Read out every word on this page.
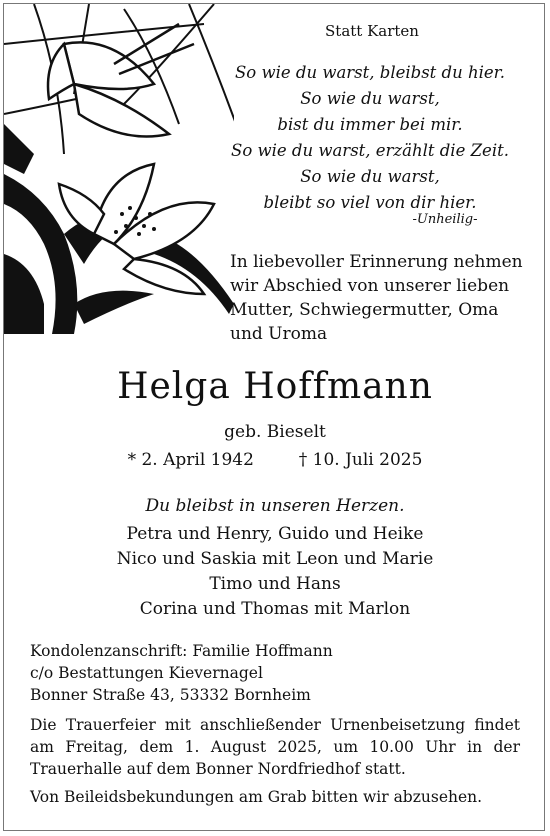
Statt Karten
So wie du warst, bleibst du hier.
So wie du warst,
bist du immer bei mir.
So wie du warst, erzählt die Zeit.
So wie du warst,
bleibt so viel von dir hier.
-Unheilig-
In liebevoller Erinnerung nehmen
wir Abschied von unserer lieben
Mutter, Schwiegermutter, Oma
und Uroma
Helga Hoffmann
geb. Bieselt
* 2. April 1942	† 10. Juli 2025
Du bleibst in unseren Herzen.
Petra und Henry, Guido und Heike
Nico und Saskia mit Leon und Marie
Timo und Hans
Corina und Thomas mit Marlon
Kondolenzanschrift: Familie Hoffmann
c/o Bestattungen Kievernagel
Bonner Straße 43, 53332 Bornheim
Die Trauerfeier mit anschließender Urnenbeisetzung findet
am Freitag, dem 1. August 2025, um 10.00 Uhr in der
Trauerhalle auf dem Bonner Nordfriedhof statt.
Von Beileidsbekundungen am Grab bitten wir abzusehen.
